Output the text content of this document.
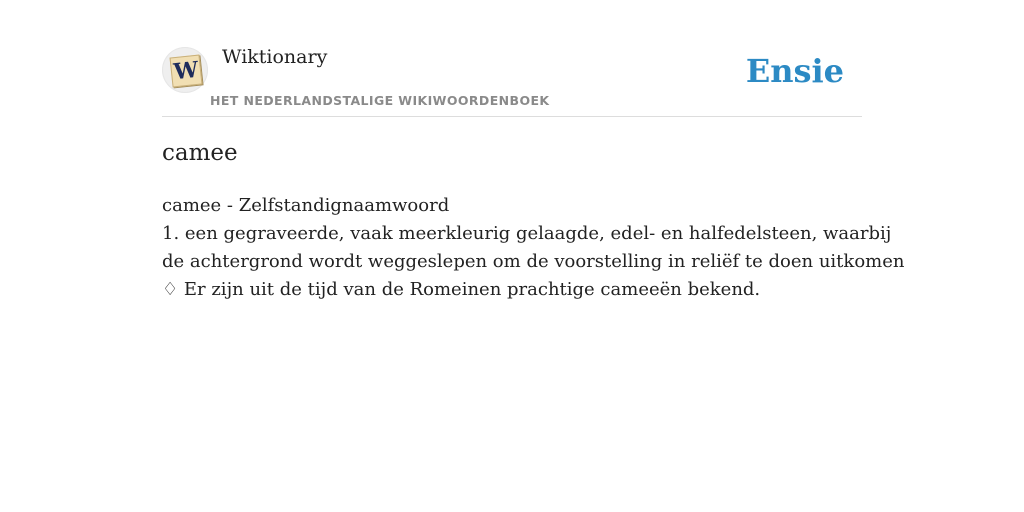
W Wiktionary
HET NEDERLANDSTALIGE WIKIWOORDENBOEK
Ensie
camee
camee - Zelfstandignaamwoord
1. een gegraveerde, vaak meerkleurig gelaagde, edel- en halfedelsteen, waarbij
de achtergrond wordt weggeslepen om de voorstelling in reliëf te doen uitkomen
♢ Er zijn uit de tijd van de Romeinen prachtige cameeën bekend.
